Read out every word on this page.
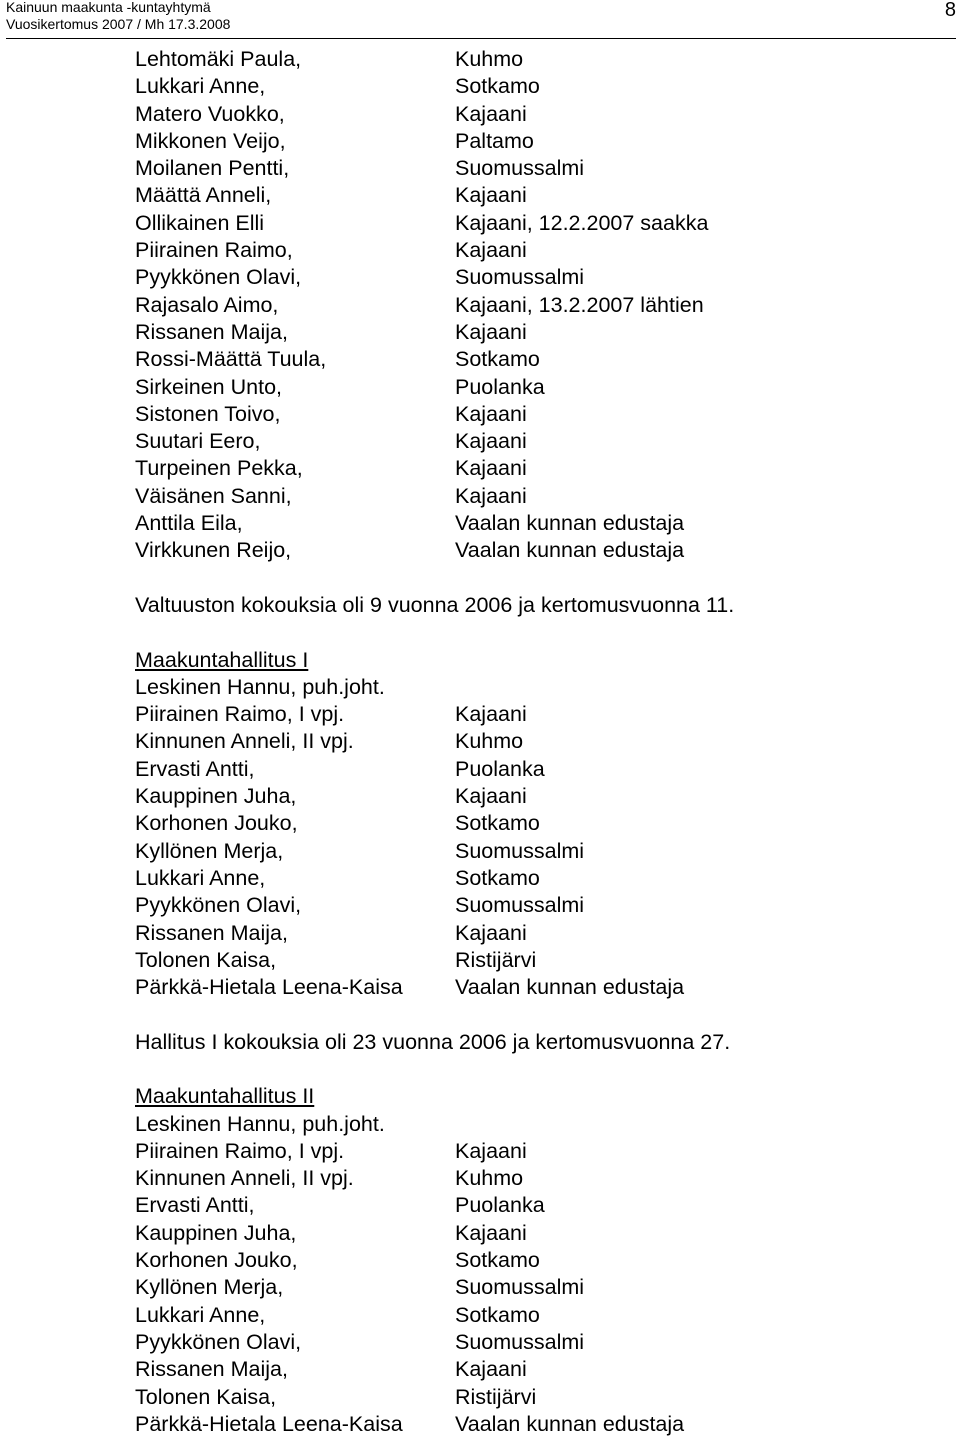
Kainuun maakunta -kuntayhtymä
Vuosikertomus 2007 / Mh 17.3.2008
8
Lehtomäki Paula,	Kuhmo
Lukkari Anne,	Sotkamo
Matero Vuokko,	Kajaani
Mikkonen Veijo,	Paltamo
Moilanen Pentti,	Suomussalmi
Määttä Anneli,	Kajaani
Ollikainen Elli	Kajaani, 12.2.2007 saakka
Piirainen Raimo,	Kajaani
Pyykkönen Olavi,	Suomussalmi
Rajasalo Aimo,	Kajaani, 13.2.2007 lähtien
Rissanen Maija,	Kajaani
Rossi-Määttä Tuula,	Sotkamo
Sirkeinen Unto,	Puolanka
Sistonen Toivo,	Kajaani
Suutari Eero,	Kajaani
Turpeinen Pekka,	Kajaani
Väisänen Sanni,	Kajaani
Anttila Eila,	Vaalan kunnan edustaja
Virkkunen Reijo,	Vaalan kunnan edustaja
Valtuuston kokouksia oli 9 vuonna 2006 ja kertomusvuonna 11.
Maakuntahallitus I
Leskinen Hannu, puh.joht.
Piirainen Raimo, I vpj.	Kajaani
Kinnunen Anneli, II vpj.	Kuhmo
Ervasti Antti,	Puolanka
Kauppinen Juha,	Kajaani
Korhonen Jouko,	Sotkamo
Kyllönen Merja,	Suomussalmi
Lukkari Anne,	Sotkamo
Pyykkönen Olavi,	Suomussalmi
Rissanen Maija,	Kajaani
Tolonen Kaisa,	Ristijärvi
Pärkkä-Hietala Leena-Kaisa Vaalan kunnan edustaja
Hallitus I kokouksia oli 23 vuonna 2006 ja kertomusvuonna 27.
Maakuntahallitus II
Leskinen Hannu, puh.joht.
Piirainen Raimo, I vpj.	Kajaani
Kinnunen Anneli, II vpj.	Kuhmo
Ervasti Antti,	Puolanka
Kauppinen Juha,	Kajaani
Korhonen Jouko,	Sotkamo
Kyllönen Merja,	Suomussalmi
Lukkari Anne,	Sotkamo
Pyykkönen Olavi,	Suomussalmi
Rissanen Maija,	Kajaani
Tolonen Kaisa,	Ristijärvi
Pärkkä-Hietala Leena-Kaisa Vaalan kunnan edustaja
